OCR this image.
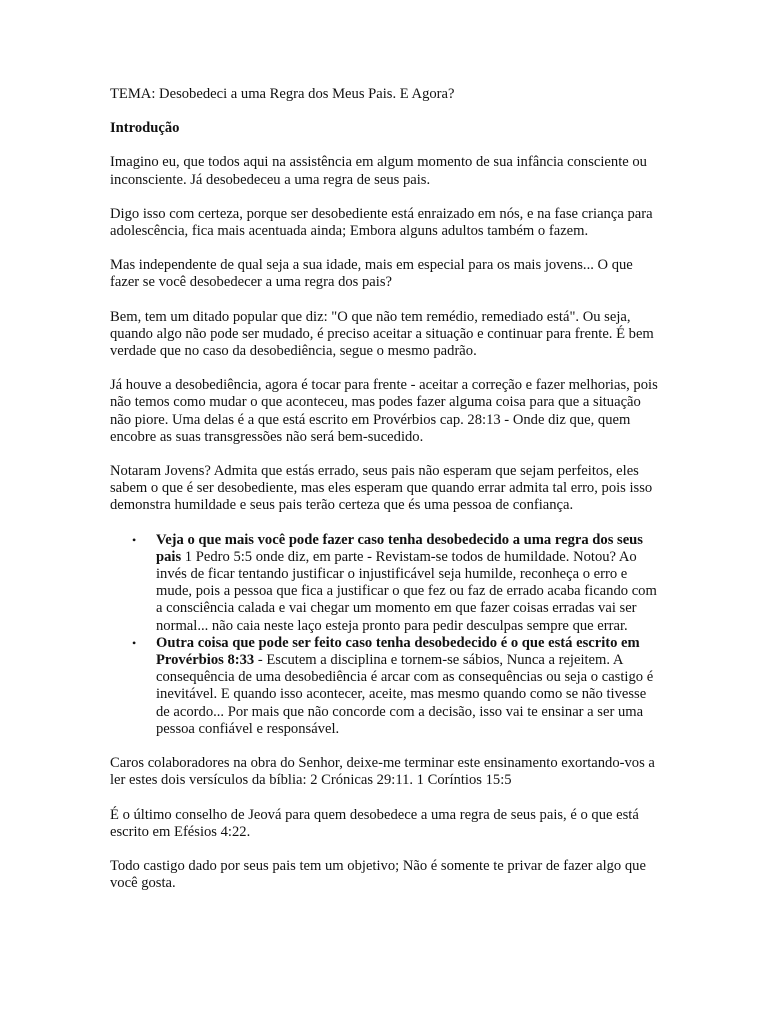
TEMA: Desobedeci a uma Regra dos Meus Pais. E Agora?

Introdução

Imagino eu, que todos aqui na assistência em algum momento de sua infância consciente ou inconsciente. Já desobedeceu a uma regra de seus pais.

Digo isso com certeza, porque ser desobediente está enraizado em nós, e na fase criança para adolescência, fica mais acentuada ainda; Embora alguns adultos também o fazem.

Mas independente de qual seja a sua idade, mais em especial para os mais jovens... O que fazer se você desobedecer a uma regra dos pais?

Bem, tem um ditado popular que diz: "O que não tem remédio, remediado está". Ou seja, quando algo não pode ser mudado, é preciso aceitar a situação e continuar para frente. É bem verdade que no caso da desobediência, segue o mesmo padrão.

Já houve a desobediência, agora é tocar para frente - aceitar a correção e fazer melhorias, pois não temos como mudar o que aconteceu, mas podes fazer alguma coisa para que a situação não piore. Uma delas é a que está escrito em Provérbios cap. 28:13 - Onde diz que, quem encobre as suas transgressões não será bem-sucedido.

Notaram Jovens? Admita que estás errado, seus pais não esperam que sejam perfeitos, eles sabem o que é ser desobediente, mas eles esperam que quando errar admita tal erro, pois isso demonstra humildade e seus pais terão certeza que és uma pessoa de confiança.

• Veja o que mais você pode fazer caso tenha desobedecido a uma regra dos seus pais 1 Pedro 5:5 onde diz, em parte - Revistam-se todos de humildade. Notou? Ao invés de ficar tentando justificar o injustificável seja humilde, reconheça o erro e mude, pois a pessoa que fica a justificar o que fez ou faz de errado acaba ficando com a consciência calada e vai chegar um momento em que fazer coisas erradas vai ser normal... não caia neste laço esteja pronto para pedir desculpas sempre que errar.
• Outra coisa que pode ser feito caso tenha desobedecido é o que está escrito em Provérbios 8:33 - Escutem a disciplina e tornem-se sábios, Nunca a rejeitem. A consequência de uma desobediência é arcar com as consequências ou seja o castigo é inevitável. E quando isso acontecer, aceite, mas mesmo quando como se não tivesse de acordo... Por mais que não concorde com a decisão, isso vai te ensinar a ser uma pessoa confiável e responsável.

Caros colaboradores na obra do Senhor, deixe-me terminar este ensinamento exortando-vos a ler estes dois versículos da bíblia: 2 Crónicas 29:11. 1 Coríntios 15:5

É o último conselho de Jeová para quem desobedece a uma regra de seus pais, é o que está escrito em Efésios 4:22.

Todo castigo dado por seus pais tem um objetivo; Não é somente te privar de fazer algo que você gosta.
